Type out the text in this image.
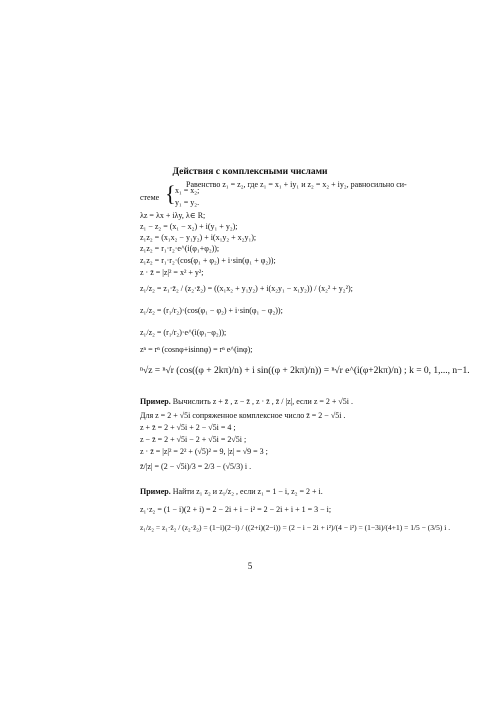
Действия с комплексными числами
Равенство z₁ = z₂, где z₁ = x₁ + iy₁ и z₂ = x₂ + iy₂, равносильно си-
стеме { x₁ = x₂;
y₁ = y₂.
λz = λx + iλy, λ∈ R;
z₁ − z₂ = (x₁ − x₂) + i(y₁ + y₂);
z₁z₂ = (x₁x₂ − y₁y₂) + i(x₁y₂ + x₂y₁);
z₁z₂ = r₁·r₂·e^(i(φ₁+φ₂));
z₁z₂ = r₁·r₂·(cos(φ₁ + φ₂) + i·sin(φ₁ + φ₂));
z · z̄ = |z|² = x² + y²;
z₁/z₂ = z₁·z̄₂ / (z₂·z̄₂) = ((x₁x₂ + y₁y₂) + i(x₂y₁ − x₁y₂)) / (x₂² + y₂²);
z₁/z₂ = (r₁/r₂)·(cos(φ₁ − φ₂) + i·sin(φ₁ − φ₂));
z₁/z₂ = (r₁/r₂)·e^(i(φ₁−φ₂));
zⁿ = rⁿ (cosnφ+isinnφ) = rⁿ e^(inφ);
ⁿ√z = ⁿ√r (cos((φ + 2kπ)/n) + i sin((φ + 2kπ)/n)) = ⁿ√r e^(i(φ+2kπ)/n) ; k = 0, 1,..., n−1.
Пример. Вычислить z + z̄ , z − z̄ , z · z̄ , z̄ / |z|, если z = 2 + √5i .
Для z = 2 + √5i сопряженное комплексное число z̄ = 2 − √5i .
z + z̄ = 2 + √5i + 2 − √5i = 4 ;
z − z̄ = 2 + √5i − 2 + √5i = 2√5i ;
z · z̄ = |z|² = 2² + (√5)² = 9, |z| = √9 = 3 ;
z̄/|z| = (2 − √5i)/3 = 2/3 − (√5/3) i .
Пример. Найти z₁ z₂ и z₁/z₂ , если z₁ = 1 − i, z₂ = 2 + i.
z₁·z₂ = (1 − i)(2 + i) = 2 − 2i + i − i² = 2 − 2i + i + 1 = 3 − i;
z₁/z₂ = z₁·z̄₂ / (z₂·z̄₂) = (1−i)(2−i) / ((2+i)(2−i)) = (2 − i − 2i + i²)/(4 − i²) = (1−3i)/(4+1) = 1/5 − (3/5) i .
5
